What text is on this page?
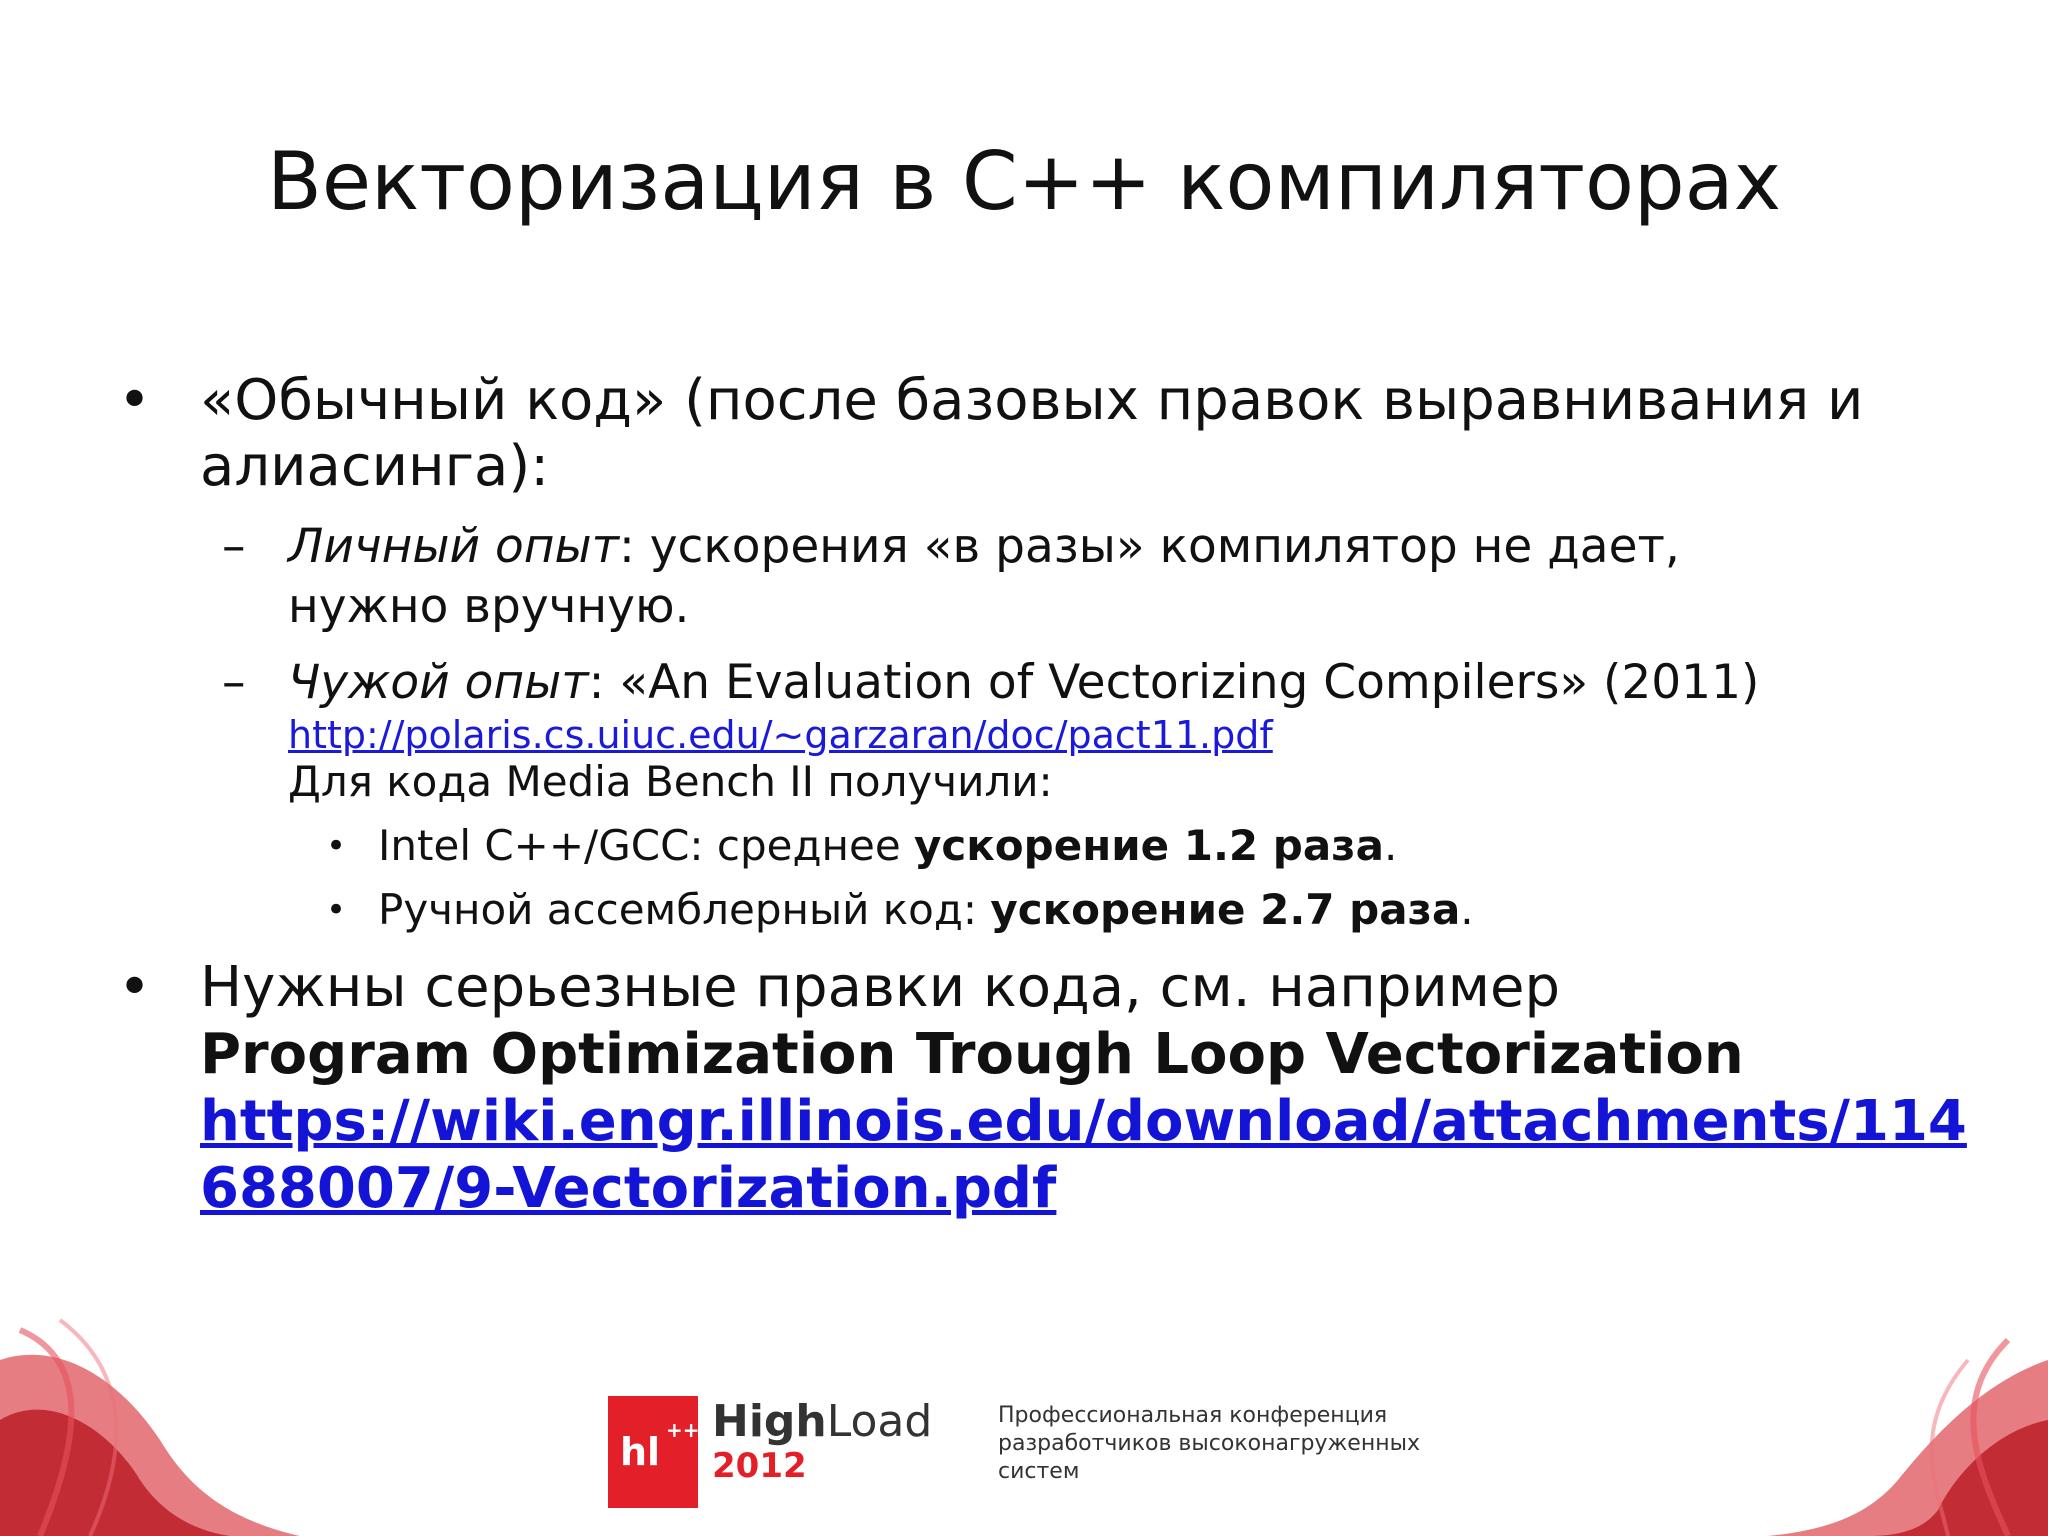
Векторизация в С++ компиляторах
• «Обычный код» (после базовых правок выравнивания и
алиасинга):
– Личный опыт: ускорения «в разы» компилятор не дает,
нужно вручную.
– Чужой опыт: «An Evaluation of Vectorizing Compilers» (2011)
http://polaris.cs.uiuc.edu/~garzaran/doc/pact11.pdf
Для кода Media Bench II получили:
• Intel C++/GCC: среднее ускорение 1.2 раза.
• Ручной ассемблерный код: ускорение 2.7 раза.
• Нужны серьезные правки кода, см. например
Program Optimization Trough Loop Vectorization
https://wiki.engr.illinois.edu/download/attachments/114
688007/9-Vectorization.pdf
hl ++ HighLoad
2012
Профессиональная конференция
разработчиков высоконагруженных
систем
